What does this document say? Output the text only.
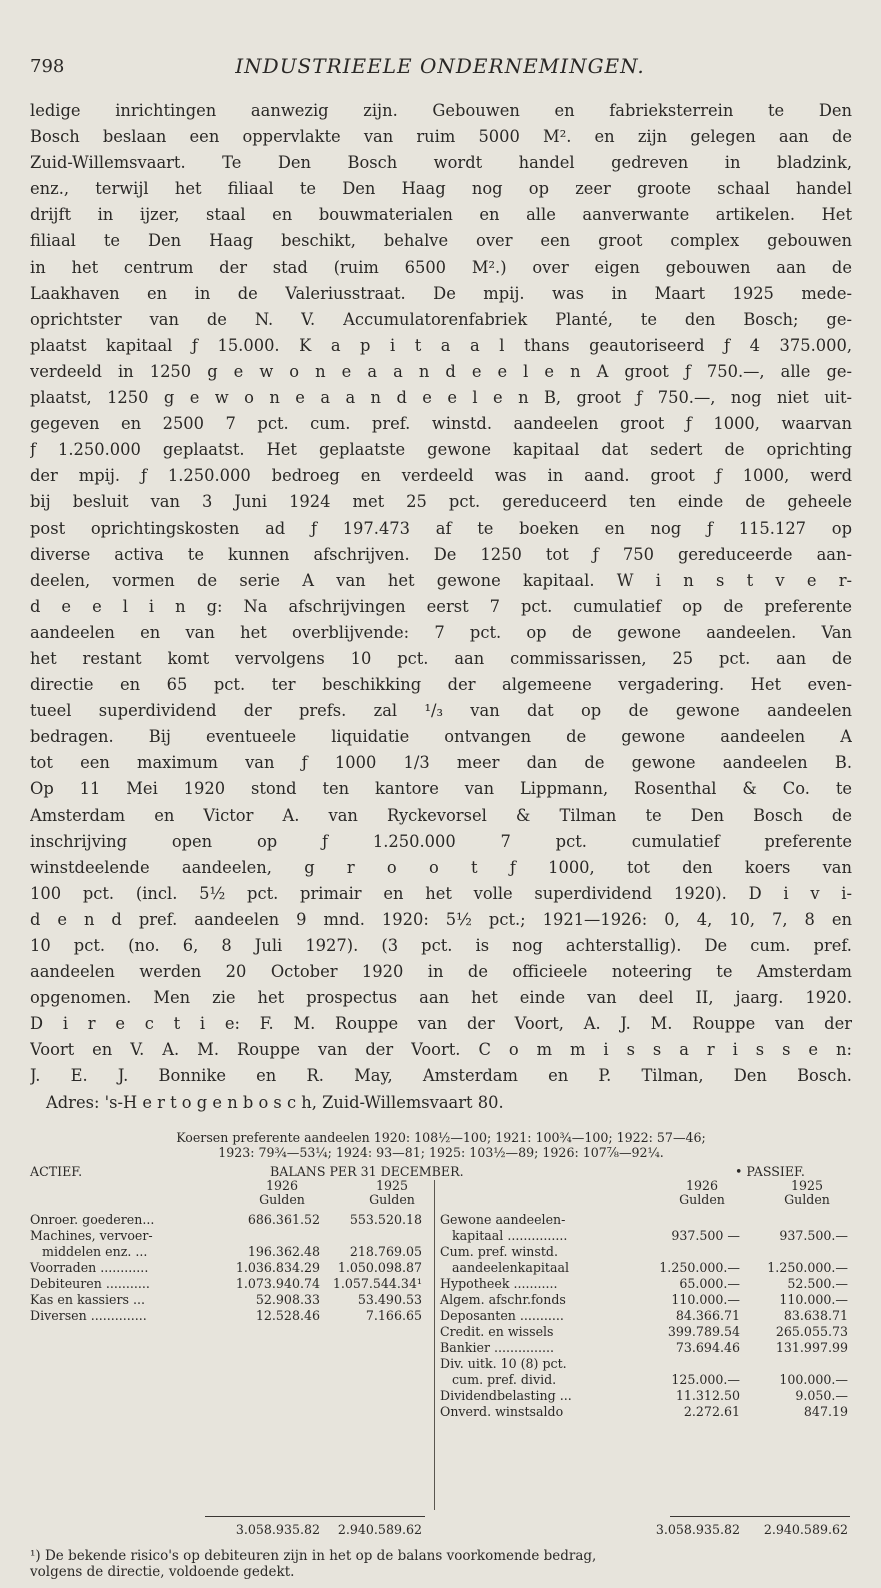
798	INDUSTRIEELE ONDERNEMINGEN.
ledige inrichtingen aanwezig zijn. Gebouwen en fabrieksterrein te Den
Bosch beslaan een oppervlakte van ruim 5000 M². en zijn gelegen aan de
Zuid-Willemsvaart. Te Den Bosch wordt handel gedreven in bladzink,
enz., terwijl het filiaal te Den Haag nog op zeer groote schaal handel
drijft in ijzer, staal en bouwmaterialen en alle aanverwante artikelen. Het
filiaal te Den Haag beschikt, behalve over een groot complex gebouwen
in het centrum der stad (ruim 6500 M².) over eigen gebouwen aan de
Laakhaven en in de Valeriusstraat. De mpij. was in Maart 1925 mede-
oprichtster van de N. V. Accumulatorenfabriek Planté, te den Bosch; ge-
plaatst kapitaal ƒ 15.000. K a p i t a a l thans geautoriseerd ƒ 4 375.000,
verdeeld in 1250 g e w o n e a a n d e e l e n A groot ƒ 750.—, alle ge-
plaatst, 1250 g e w o n e a a n d e e l e n B, groot ƒ 750.—, nog niet uit-
gegeven en 2500 7 pct. cum. pref. winstd. aandeelen groot ƒ 1000, waarvan
ƒ 1.250.000 geplaatst. Het geplaatste gewone kapitaal dat sedert de oprichting
der mpij. ƒ 1.250.000 bedroeg en verdeeld was in aand. groot ƒ 1000, werd
bij besluit van 3 Juni 1924 met 25 pct. gereduceerd ten einde de geheele
post oprichtingskosten ad ƒ 197.473 af te boeken en nog ƒ 115.127 op
diverse activa te kunnen afschrijven. De 1250 tot ƒ 750 gereduceerde aan-
deelen, vormen de serie A van het gewone kapitaal. W i n s t v e r-
d e e l i n g: Na afschrijvingen eerst 7 pct. cumulatief op de preferente
aandeelen en van het overblijvende: 7 pct. op de gewone aandeelen. Van
het restant komt vervolgens 10 pct. aan commissarissen, 25 pct. aan de
directie en 65 pct. ter beschikking der algemeene vergadering. Het even-
tueel superdividend der prefs. zal ¹/₃ van dat op de gewone aandeelen
bedragen. Bij eventueele liquidatie ontvangen de gewone aandeelen A
tot een maximum van ƒ 1000 1/3 meer dan de gewone aandeelen B.
Op 11 Mei 1920 stond ten kantore van Lippmann, Rosenthal & Co. te
Amsterdam en Victor A. van Ryckevorsel & Tilman te Den Bosch de
inschrijving open op ƒ 1.250.000 7 pct. cumulatief preferente
winstdeelende aandeelen, g r o o t ƒ 1000, tot den koers van
100 pct. (incl. 5½ pct. primair en het volle superdividend 1920). D i v i-
d e n d pref. aandeelen 9 mnd. 1920: 5½ pct.; 1921—1926: 0, 4, 10, 7, 8 en
10 pct. (no. 6, 8 Juli 1927). (3 pct. is nog achterstallig). De cum. pref.
aandeelen werden 20 October 1920 in de officieele noteering te Amsterdam
opgenomen. Men zie het prospectus aan het einde van deel II, jaarg. 1920.
D i r e c t i e: F. M. Rouppe van der Voort, A. J. M. Rouppe van der
Voort en V. A. M. Rouppe van der Voort. C o m m i s s a r i s s e n:
J. E. J. Bonnike en R. May, Amsterdam en P. Tilman, Den Bosch.
Adres: 's-H e r t o g e n b o s c h, Zuid-Willemsvaart 80.
Koersen preferente aandeelen 1920: 108½—100; 1921: 100¾—100; 1922: 57—46;
1923: 79¾—53¼; 1924: 93—81; 1925: 103½—89; 1926: 107⅞—92¼.
ACTIEF.	BALANS PER 31 DECEMBER.	• PASSIEF.
1926	1925	1926	1925
Gulden	Gulden	Gulden	Gulden
Onroer. goederen...	686.361.52 553.520.18
Machines, vervoer-
middelen enz. ...	196.362.48 218.769.05
Voorraden ............	1.036.834.29 1.050.098.87
Debiteuren ...........	1.073.940.74 1.057.544.34¹
Kas en kassiers ...	52.908.33	53.490.53
Diversen ..............	12.528.46	7.166.65
Gewone aandeelen-
kapitaal ...............	937.500 —	937.500.—
Cum. pref. winstd.
aandeelenkapitaal	1.250.000.— 1.250.000.—
Hypotheek ...........	65.000.—	52.500.—
Algem. afschr.fonds	110.000.—	110.000.—
Deposanten ...........	84.366.71	83.638.71
Credit. en wissels	399.789.54	265.055.73
Bankier ...............	73.694.46	131.997.99
Div. uitk. 10 (8) pct.
cum. pref. divid.	125.000.—	100.000.—
Dividendbelasting ...	11.312.50	9.050.—
Onverd. winstsaldo	2.272.61	847.19
3.058.935.82 2.940.589.62	3.058.935.82 2.940.589.62
¹) De bekende risico's op debiteuren zijn in het op de balans voorkomende bedrag,
volgens de directie, voldoende gedekt.
